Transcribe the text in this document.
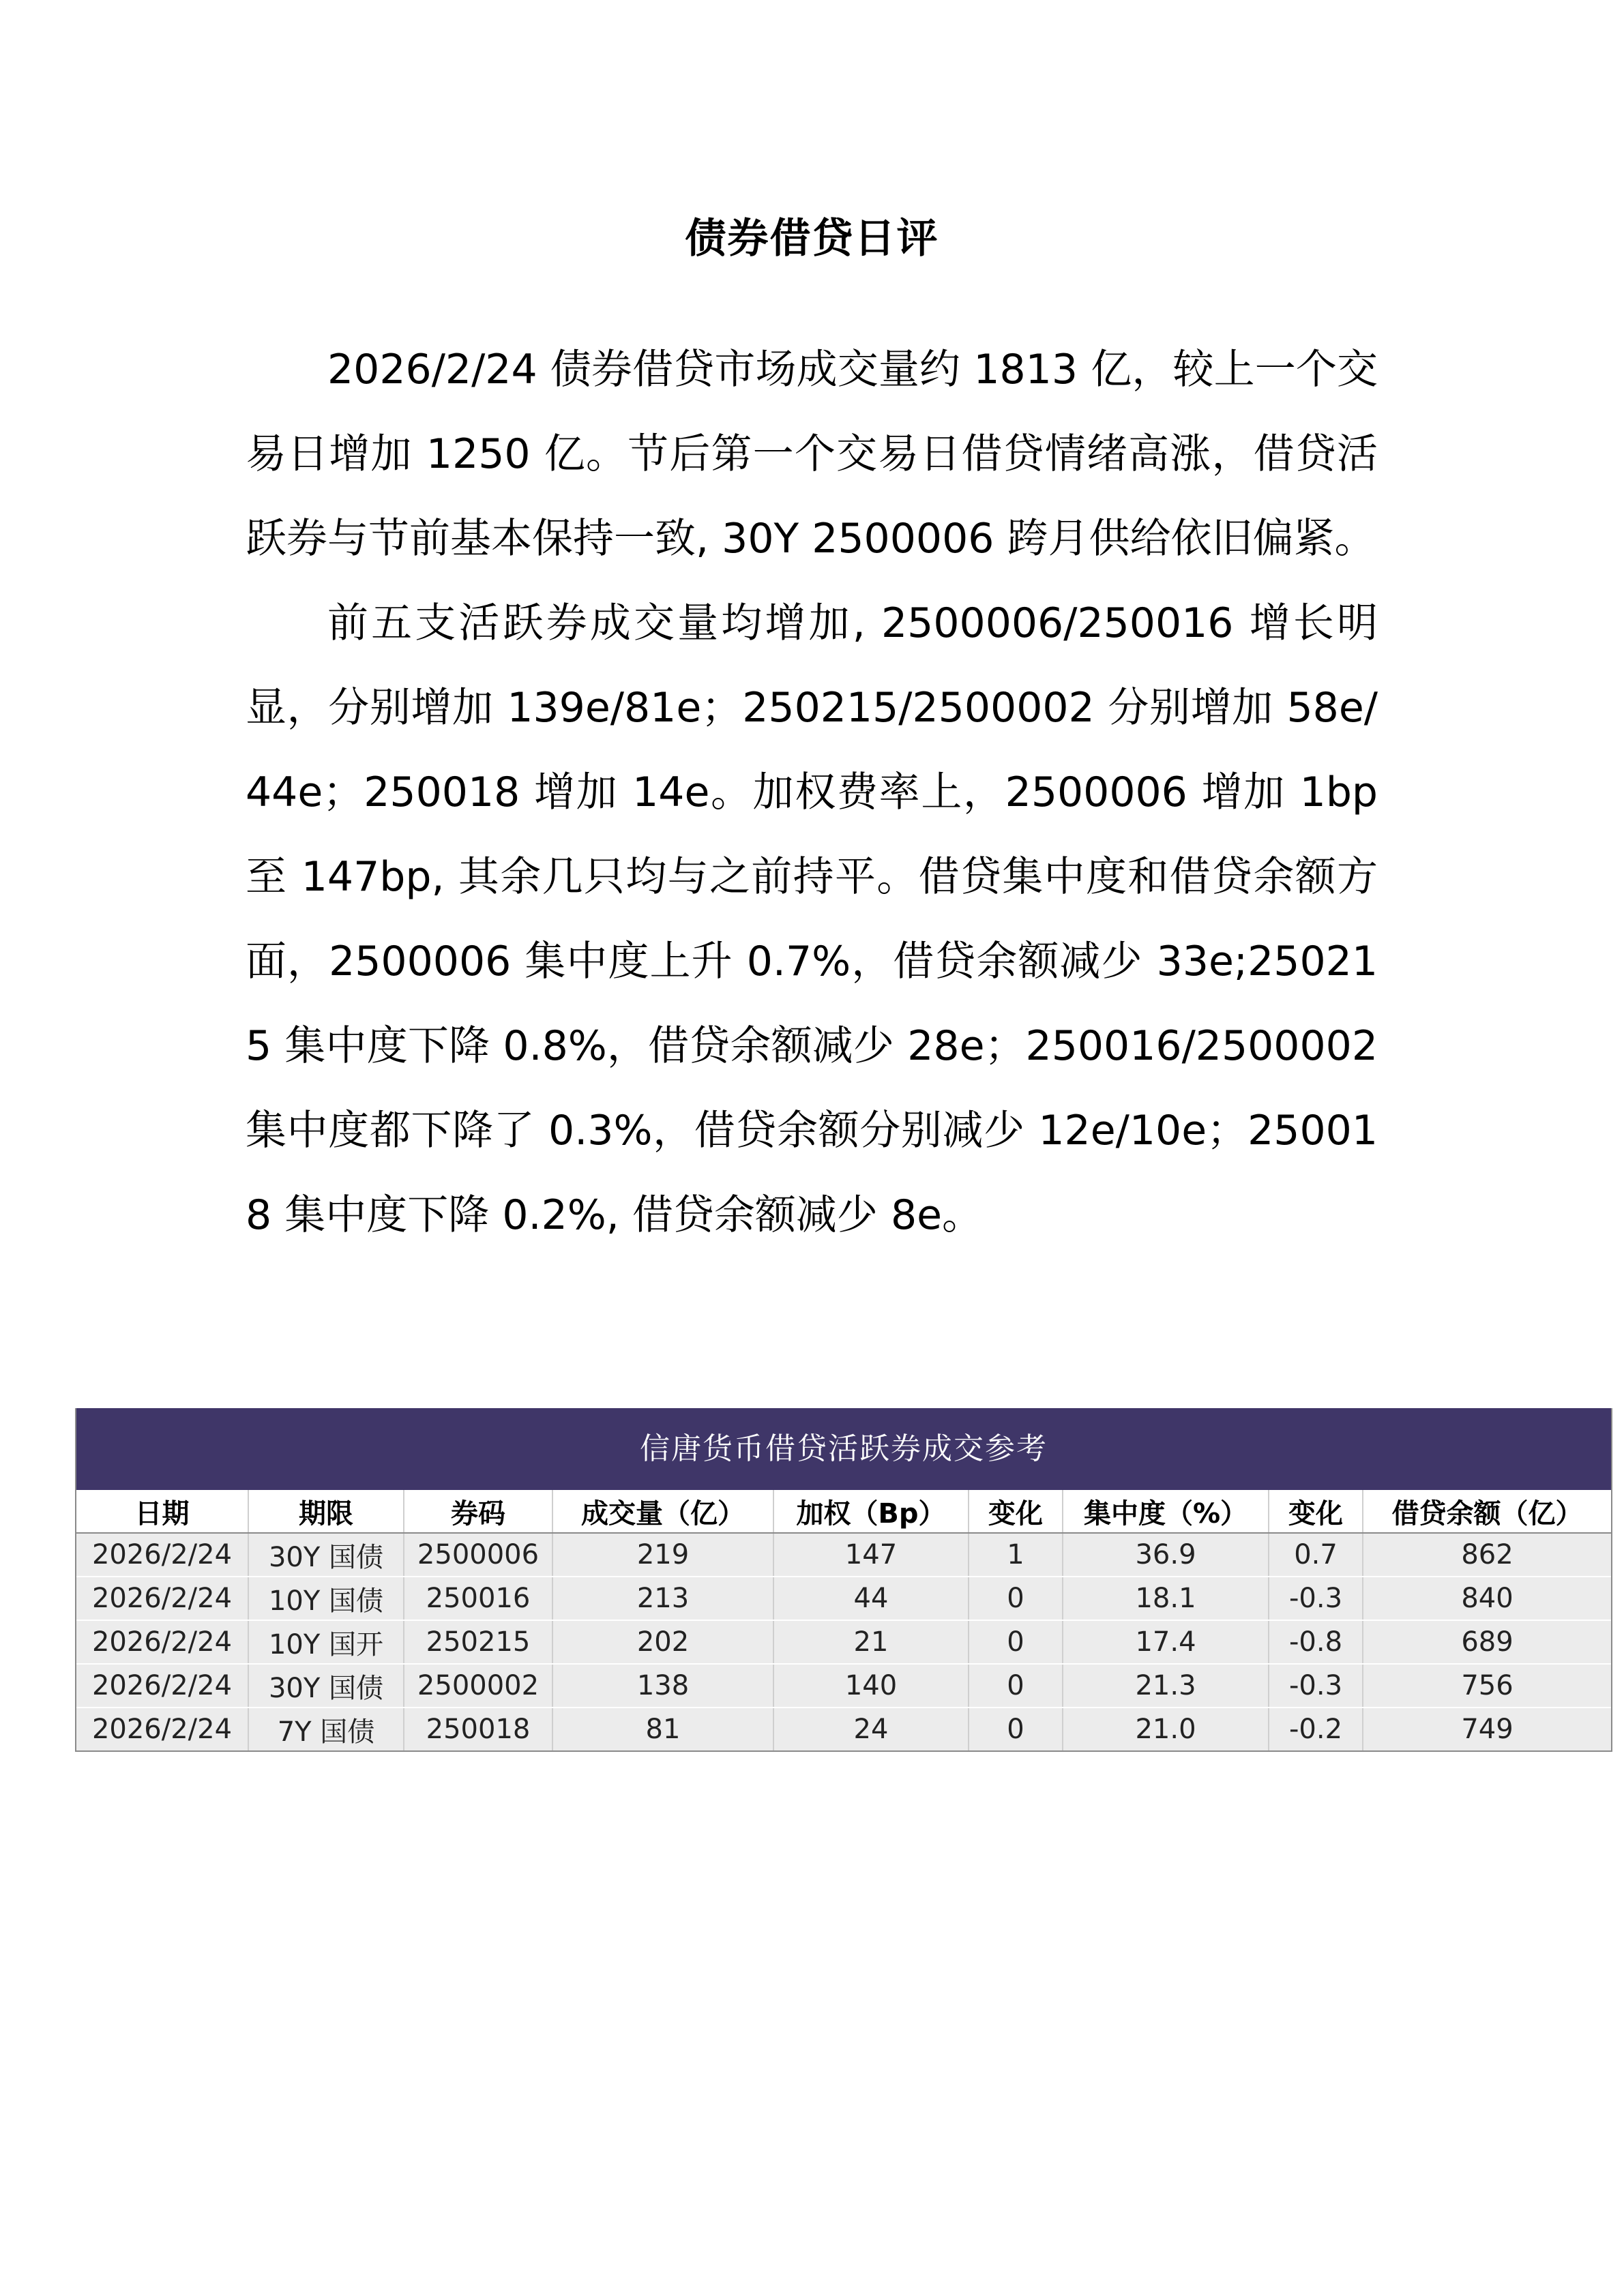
债券借贷日评

2026/2/24 债券借贷市场成交量约 1813 亿，较上一个交易日增加 1250 亿。节后第一个交易日借贷情绪高涨，借贷活跃券与节前基本保持一致, 30Y 2500006 跨月供给依旧偏紧。

前五支活跃券成交量均增加, 2500006/250016 增长明显，分别增加 139e/81e；250215/2500002 分别增加 58e/44e；250018 增加 14e。加权费率上，2500006 增加 1bp 至 147bp, 其余几只均与之前持平。借贷集中度和借贷余额方面，2500006 集中度上升 0.7%，借贷余额减少 33e;250215 集中度下降 0.8%，借贷余额减少 28e；250016/2500002 集中度都下降了 0.3%，借贷余额分别减少 12e/10e；250018 集中度下降 0.2%, 借贷余额减少 8e。

信唐货币借贷活跃券成交参考
日期	期限	券码	成交量（亿）	加权（Bp）	变化	集中度（%）	变化	借贷余额（亿）
2026/2/24	30Y 国债	2500006	219	147	1	36.9	0.7	862
2026/2/24	10Y 国债	250016	213	44	0	18.1	-0.3	840
2026/2/24	10Y 国开	250215	202	21	0	17.4	-0.8	689
2026/2/24	30Y 国债	2500002	138	140	0	21.3	-0.3	756
2026/2/24	7Y 国债	250018	81	24	0	21.0	-0.2	749
